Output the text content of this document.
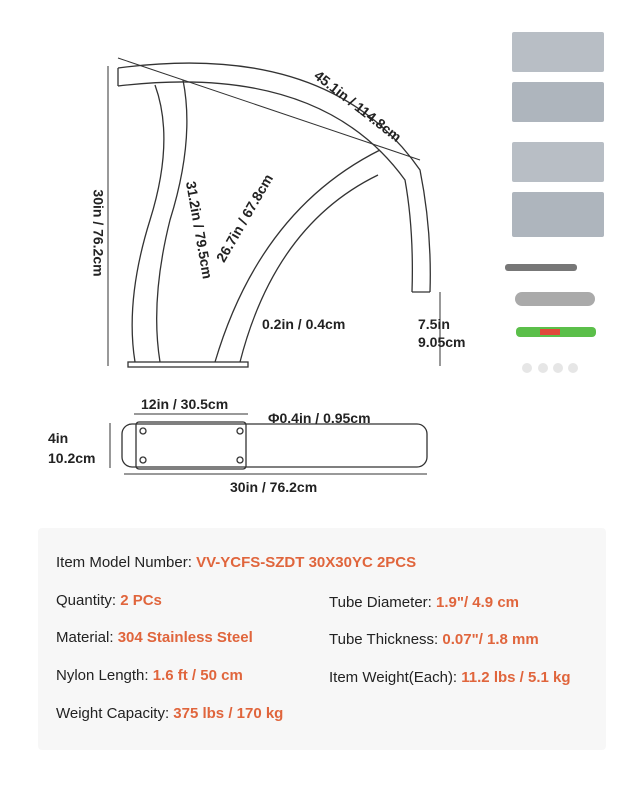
45.1in / 114.8cm
30in / 76.2cm	31.2in / 79.5cm
26.7in / 67.8cm
0.2in / 0.4cm	7.5in
9.05cm
12in / 30.5cm
Φ0.4in / 0.95cm
4in
10.2cm
30in / 76.2cm
Item Model Number: VV-YCFS-SZDT 30X30YC 2PCS
Quantity: 2 PCs
Material: 304 Stainless Steel
Nylon Length: 1.6 ft / 50 cm
Weight Capacity: 375 lbs / 170 kg
Tube Diameter: 1.9"/ 4.9 cm
Tube Thickness: 0.07"/ 1.8 mm
Item Weight(Each): 11.2 lbs / 5.1 kg
